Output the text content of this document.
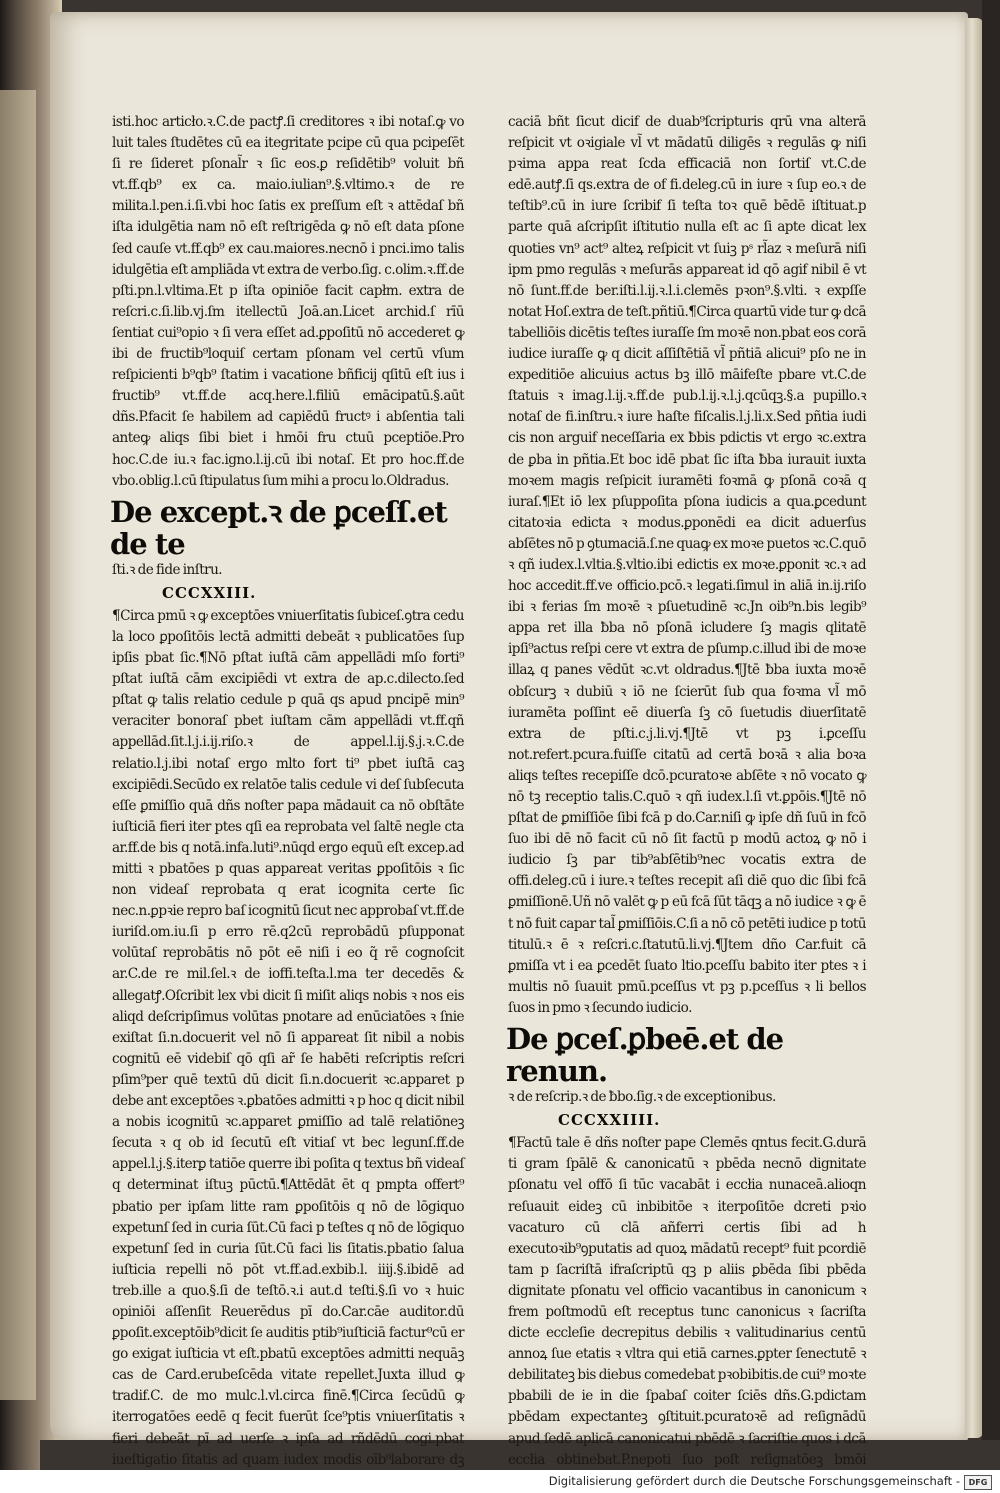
isti.hoc articło.ꝛ.C.de pactꝭ.ſi creditores ꝛ ibi notaſ.ꝙ vo luit tales ſtudētes cū ea itegritate pcipe cū qua pcipeſēt ſi re ſideret pſonal̃r ꝛ ſic eos.ꝑ reſidētib⁹ voluit bñ vt.ff.qb⁹ ex ca. maio.iulian⁹.§.vltimo.ꝛ de re milita.l.pen.i.ſi.vbi hoc ſatis ex preſſum eſt ꝛ attēdaſ bñ iſta idulgētia nam nō eſt reſtrigēda ꝙ nō eſt data pſone ſed cauſe vt.ff.qb⁹ ex cau.maiores.necnō i pnci.imo talis idulgētia eſt ampliāda vt extra de verbo.ſig. c.olim.ꝛ.ff.de pſti.pn.l.vltima.Et p iſta opiniōe facit capłm. extra de reſcri.c.ſi.lib.vj.ſm itellectū Joā.an.Licet archid.ſ rīū ſentiat cui⁹opio ꝛ ſi vera eſſet ad.ꝑpoſitū nō accederet ꝙ ibi de fructib⁹loquiſ certam pſonam vel certū vſum reſpicienti b⁹qb⁹ ſtatim i vacatione bñficij qſitū eſt ius i fructib⁹ vt.ff.de acq.here.l.filiū emācipatū.§.aūt dñs.P.facit ſe habilem ad capiēdū fructꝰ i abſentia tali anteꝙ aliqs ſibi biet i hmōi fru ctuū pceptiōe.Pro hoc.C.de iu.ꝛ fac.igno.l.ij.cū ibi notaſ. Et pro hoc.ff.de vbo.oblig.l.cū ſtipulatus ſum mihi a procu lo.Oldradus.

De except.ꝛ de ꝑceſſ.et de te

ſti.ꝛ de fide inſtru.

CCCXXIII.

¶Circa pmū ꝛ ꝙ exceptōes vniuerſitatis ſubiceſ.ꝯtra cedu la loco ꝑpoſitōis lectā admitti debeāt ꝛ publicatōes ſup ipſis pbat ſic.¶Nō pſtat iuſtā cām appellādi mſo forti⁹ pſtat iuſtā cām excipiēdi vt extra de ap.c.dilecto.ſed pſtat ꝙ talis relatio cedule p quā qs apud pncipē min⁹ veraciter bonoraſ pbet iuſtam cām appellādi vt.ff.qñ appellād.ſit.l.j.i.ij.riſo.ꝛ de appel.l.ij.§.j.ꝛ.C.de relatio.l.j.ibi notaſ ergo mlto fort ti⁹ pbet iuſtā caꝫ excipiēdi.Secūdo ex relatōe talis cedule vi deſ ſubſecuta eſſe ꝑmiſſio quā dñs noſter papa mādauit ca nō obſtāte iuſticiā fieri iter ptes qſi ea reprobata vel ſaltē negle cta ar.ff.de bis q notā.infa.luti⁹.nūqd ergo equū eſt excep.ad mitti ꝛ pbatōes p quas appareat veritas ꝑpoſitōis ꝛ ſic non videaſ reprobata q erat icognita certe ſic nec.n.ꝑpꝛie repro baſ icognitū ſicut nec approbaſ vt.ff.de iuriſd.om.iu.ſi p erro rē.q2cū reprobādū pſupponat volūtaſ reprobātis nō pōt eē niſi i eo q̃ rē cognoſcit ar.C.de re mil.ſel.ꝛ de ioffi.teſta.l.ma ter decedēs & allegatꝭ.Oſcribit lex vbi dicit ſi miſit aliqs nobis ꝛ nos eis aliqd deſcripſimus volūtas pnotare ad enūciatōes ꝛ ſnie exiſtat ſi.n.docuerit vel nō ſi appareat ſit nibil a nobis cognitū eē videbiſ qō qſi ar̃ ſe habēti reſcriptis reſcri pſim⁹per quē textū dū dicit ſi.n.docuerit ꝛc.apparet p debe ant exceptōes ꝛ.ꝑbatōes admitti ꝛ p hoc q dicit nibil a nobis icognitū ꝛc.apparet ꝑmiſſio ad talē relatiōneꝫ ſecuta ꝛ q ob id ſecutū eſt vitiaſ vt bec legunſ.ff.de appel.l.j.§.iterꝑ tatiōe querre ibi poſita q textus bñ videaſ q determinat iſtuꝫ pūctū.¶Attēdāt ēt q pmpta offert⁹ pbatio per ipſam litte ram ꝑpoſitōis q nō de lōgiquo expetunſ ſed in curia ſūt.Cū faci p teſtes q nō de lōgiquo expetunſ ſed in curia ſūt.Cū faci lis ſitatis.pbatio ſalua iuſticia repelli nō pōt vt.ff.ad.exbib.l. iiij.§.ibidē ad treb.ille a quo.§.ſi de teſtō.ꝛ.i aut.d teſti.§.ſi vo ꝛ huic opiniōi aſſenſit Reuerēdus pī do.Car.cāe auditor.dū ꝑpoſit.exceptōib⁹dicit ſe auditis ptib⁹iuſticiā factur⁹cū er go exigat iuſticia vt eſt.pbatū exceptōes admitti nequāꝫ cas de Card.erubeſcēda vitate repellet.Juxta illud ꝙ tradif.C. de mo mulc.l.vl.circa finē.¶Circa ſecūdū ꝙ iterrogatōes eedē q fecit fuerūt ſce⁹ptis vniuerſitatis ꝛ fieri debeāt pī ad uerſe ꝛ ipſa ad rñdēdū cogi.pbat iueſtigatio ſitatis ad quam iudex modis oīb⁹laborare dꝫ

caciā bñt ſicut dicif de duab⁹ſcripturis qrū vna alterā reſpicit vt oꝛigiale vl̃ vt mādatū diligēs ꝛ regulās ꝙ niſi pꝛima appa reat ſcda efficaciā non ſortiſ vt.C.de edē.autꝭ.ſi qs.extra de of fi.deleg.cū in iure ꝛ ſup eo.ꝛ de teſtib⁹.cū in iure ſcribif ſi teſta toꝛ quē bēdē iſtituat.p parte quā aſcripſit iſtitutio nulla eſt ac ſi apte dicat lex quoties vn⁹ act⁹ alteꝝ reſpicit vt ſuiꝫ pˢ rl̃az ꝛ meſurā niſi ipm pmo regulās ꝛ meſurās appareat id qō agif nibil ē vt nō ſunt.ff.de ber.iſti.l.ij.ꝛ.l.i.clemēs pꝛon⁹.§.vlti. ꝛ expſſe notat Hoſ.extra de teſt.pñtiū.¶Circa quartū vide tur ꝙ dcā tabelliōis dicētis teſtes iuraſſe ſm moꝛē non.pbat eos corā iudice iuraſſe ꝙ q dicit aſſiſtētiā vl̃ pñtiā alicui⁹ pſo ne in expeditiōe alicuius actus bꝫ illō māifeſte pbare vt.C.de ſtatuis ꝛ imag.l.ij.ꝛ.ff.de pub.l.ij.ꝛ.l.j.qcūqꝫ.§.a pupillo.ꝛ notaſ de fi.inſtru.ꝛ iure haſte fiſcalis.l.j.li.x.Sed pñtia iudi cis non arguif neceſſaria ex ƀbis pdictis vt ergo ꝛc.extra de ꝑba in pñtia.Et boc idē pbat ſic iſta ƀba iurauit iuxta moꝛem magis reſpicit iuramēti foꝛmā ꝙ pſonā coꝛā q iuraſ.¶Et iō lex pſuppoſita pſona iudicis a qua.ꝑcedunt citatoꝛia edicta ꝛ modus.ꝑponēdi ea dicit aduerſus abſētes nō p ꝯtumaciā.ſ.ne quaꝙ ex moꝛe puetos ꝛc.C.quō ꝛ qñ iudex.l.vltia.§.vltio.ibi edictis ex moꝛe.ꝑponit ꝛc.ꝛ ad hoc accedit.ff.ve officio.pcō.ꝛ legati.ſimul in aliā in.ij.riſo ibi ꝛ ferias ſm moꝛē ꝛ pſuetudinē ꝛc.Jn oib⁹n.bis legib⁹ appa ret illa ƀba nō pſonā icludere ſꝫ magis qlitatē ipſi⁹actus reſpi cere vt extra de pſump.c.illud ibi de moꝛe illaꝝ q panes vēdūt ꝛc.vt oldradus.¶Jtē ƀba iuxta moꝛē obſcurꝫ ꝛ dubiū ꝛ iō ne ſcierūt ſub qua foꝛma vl̃ mō iuramēta poſſint eē diuerſa ſꝫ cō ſuetudis diuerſitatē extra de pſti.c.j.li.vj.¶Jtē vt pꝫ i.ꝑceſſu not.refert.pcura.fuiſſe citatū ad certā boꝛā ꝛ alia boꝛa aliqs teſtes recepiſſe dcō.pcuratoꝛe abſēte ꝛ nō vocato ꝙ nō tꝫ receptio talis.C.quō ꝛ qñ iudex.l.ſi vt.ꝑpōis.¶Jtē nō pſtat de ꝑmiſſiōe ſibi fcā p do.Car.niſi ꝙ ipſe dñ ſuū in fcō ſuo ibi dē nō facit cū nō ſit factū p modū actoꝝ ꝙ nō i iudicio ſꝫ par tib⁹abſētib⁹nec vocatis extra de offi.deleg.cū i iure.ꝛ teſtes recepit aſi diē quo dic ſibi fcā ꝑmiſſionē.Uñ nō valēt ꝙ p eū fcā ſūt tāqꝫ a nō iudice ꝛ ꝙ ē t nō fuit capar tal̃ ꝑmiſſiōis.C.ſi a nō cō petēti iudice p totū titulū.ꝛ ē ꝛ reſcri.c.ſtatutū.li.vj.¶Jtem dño Car.fuit cā ꝑmiſſa vt i ea ꝑcedēt ſuato ltio.pceſſu babito iter ptes ꝛ i multis nō ſuauit pmū.pceſſus vt pꝫ p.pceſſus ꝛ li bellos ſuos in pmo ꝛ ſecundo iudicio.

De ꝑceſ.ꝑbeē.et de renun.

ꝛ de reſcrip.ꝛ de ƀbo.ſig.ꝛ de exceptionibus.

CCCXXIIII.

¶Factū tale ē dñs noſter pape Clemēs qntus fecit.G.durā ti gram ſpālē & canonicatū ꝛ pbēda necnō dignitate pſonatu vel offō ſi tūc vacabāt i eccłia nunaceā.alioqn reſuauit eideꝫ cū inbibitōe ꝛ iterpoſitōe dcreti pꝛio vacaturo cū clā añferri certis ſibi ad h executoꝛib⁹ꝯputatis ad quoꝝ mādatū recept⁹ fuit pcordiē tam p ſacriſtā ifraſcriptū qꝫ p aliis ꝑbēda ſibi pbēda dignitate pſonatu vel officio vacantibus in canonicum ꝛ frem poſtmodū eſt receptus tunc canonicus ꝛ ſacriſta dicte eccleſie decrepitus debilis ꝛ valitudinarius centū annoꝝ ſue etatis ꝛ vltra qui etiā carnes.ꝑpter ſenectutē ꝛ debilitateꝫ bis diebus comedebat pꝛobibitis.de cui⁹ moꝛte pbabili de ie in die ſpabaſ coiter ſciēs dñs.G.pdictam pbēdam expectanteꝫ ꝯſtituit.pcuratoꝛē ad reſignādū apud ſedē aplicā canonicatui pbēdē ꝛ ſacriſtie quos i dcā eccłia obtinebat.P.nepoti ſuo poſt reſignatōeꝫ bmōi

Digitalisierung gefördert durch die Deutsche Forschungsgemeinschaft -	DFG
